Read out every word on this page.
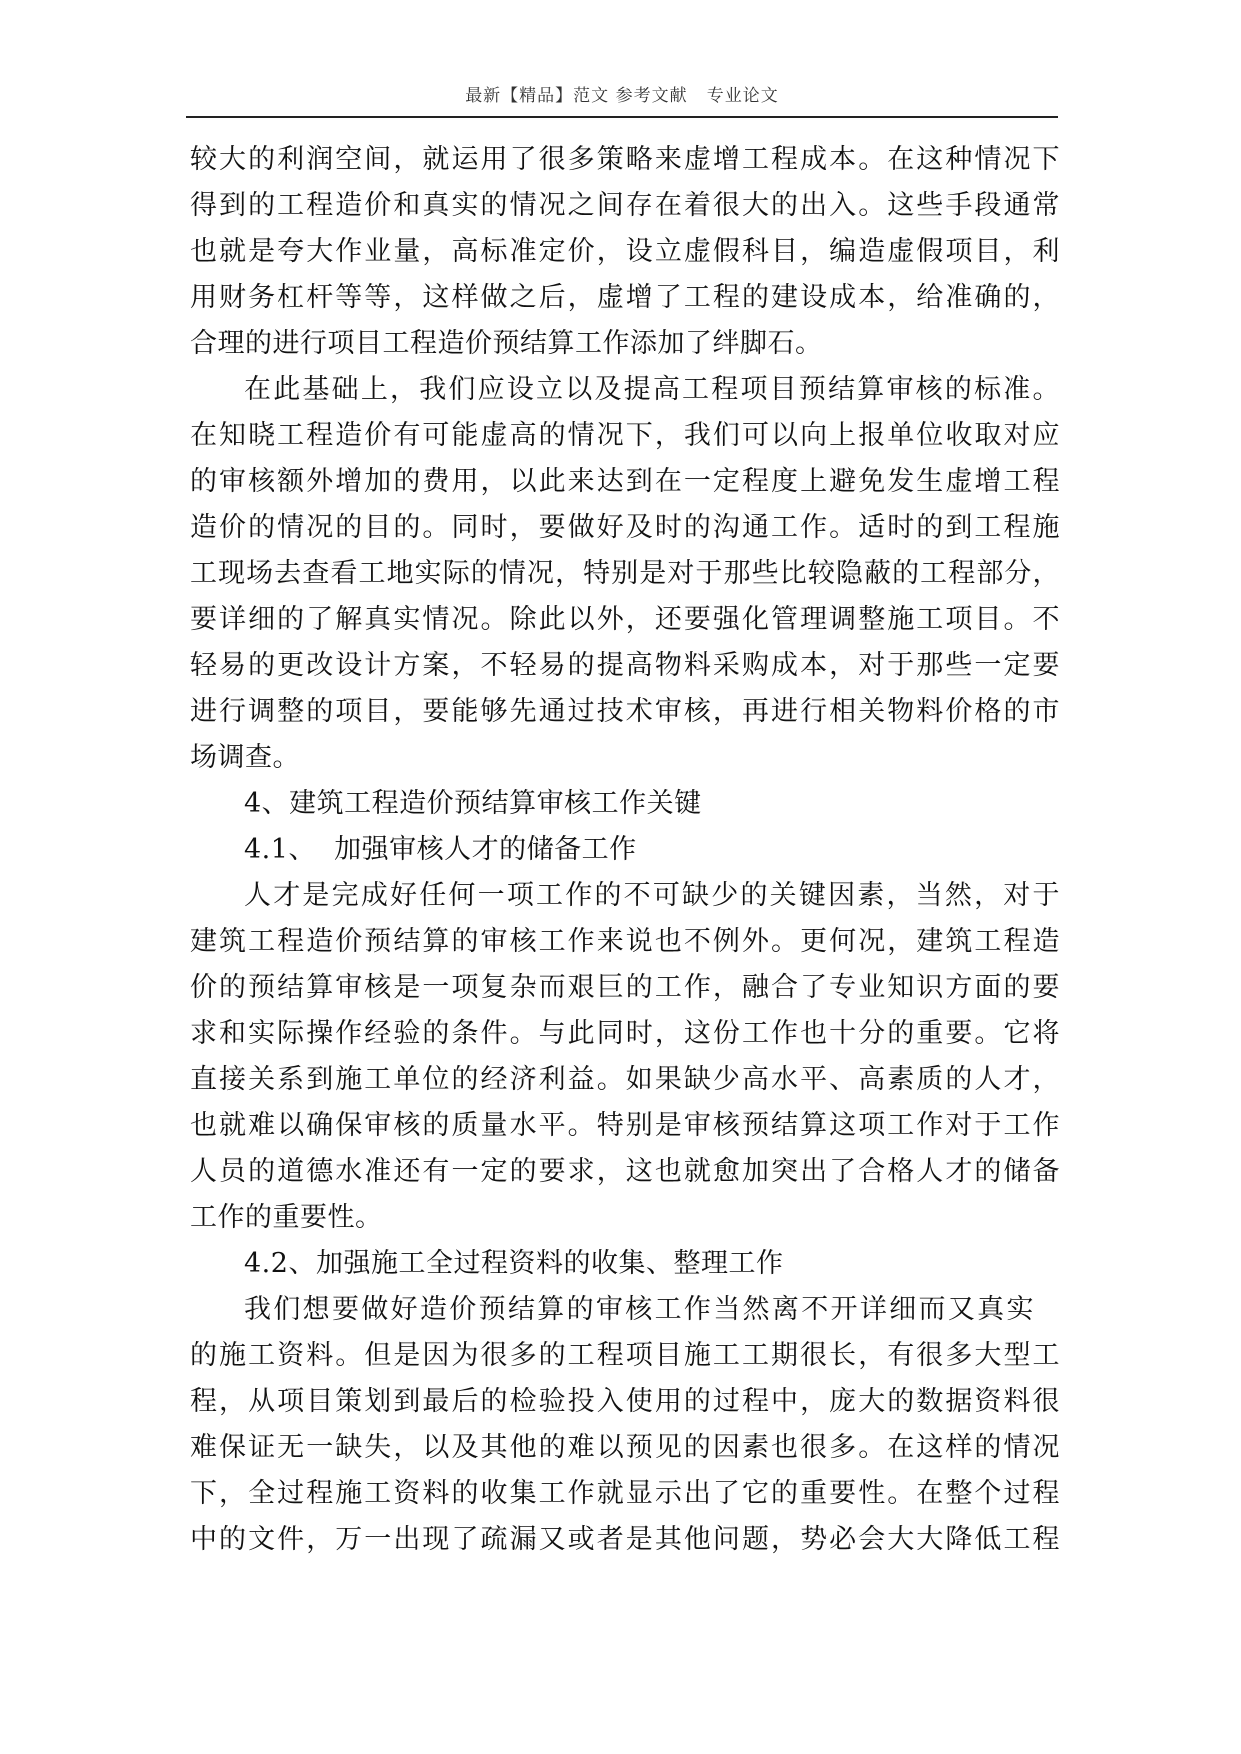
最新【精品】范文 参考文献   专业论文
较大的利润空间，就运用了很多策略来虚增工程成本。在这种情况下
得到的工程造价和真实的情况之间存在着很大的出入。这些手段通常
也就是夸大作业量，高标准定价，设立虚假科目，编造虚假项目，利
用财务杠杆等等，这样做之后，虚增了工程的建设成本，给准确的，
合理的进行项目工程造价预结算工作添加了绊脚石。
在此基础上，我们应设立以及提高工程项目预结算审核的标准。
在知晓工程造价有可能虚高的情况下，我们可以向上报单位收取对应
的审核额外增加的费用，以此来达到在一定程度上避免发生虚增工程
造价的情况的目的。同时，要做好及时的沟通工作。适时的到工程施
工现场去查看工地实际的情况，特别是对于那些比较隐蔽的工程部分，
要详细的了解真实情况。除此以外，还要强化管理调整施工项目。不
轻易的更改设计方案，不轻易的提高物料采购成本，对于那些一定要
进行调整的项目，要能够先通过技术审核，再进行相关物料价格的市
场调查。
4、建筑工程造价预结算审核工作关键
4.1、  加强审核人才的储备工作
人才是完成好任何一项工作的不可缺少的关键因素，当然，对于
建筑工程造价预结算的审核工作来说也不例外。更何况，建筑工程造
价的预结算审核是一项复杂而艰巨的工作，融合了专业知识方面的要
求和实际操作经验的条件。与此同时，这份工作也十分的重要。它将
直接关系到施工单位的经济利益。如果缺少高水平、高素质的人才，
也就难以确保审核的质量水平。特别是审核预结算这项工作对于工作
人员的道德水准还有一定的要求，这也就愈加突出了合格人才的储备
工作的重要性。
4.2、加强施工全过程资料的收集、整理工作
我们想要做好造价预结算的审核工作当然离不开详细而又真实
的施工资料。但是因为很多的工程项目施工工期很长，有很多大型工
程，从项目策划到最后的检验投入使用的过程中，庞大的数据资料很
难保证无一缺失，以及其他的难以预见的因素也很多。在这样的情况
下，全过程施工资料的收集工作就显示出了它的重要性。在整个过程
中的文件，万一出现了疏漏又或者是其他问题，势必会大大降低工程
